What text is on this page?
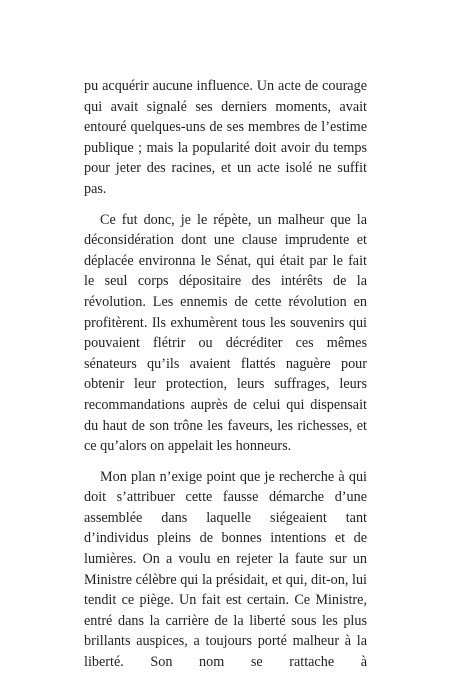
pu acquérir aucune influence. Un acte de courage qui avait signalé ses derniers moments, avait entouré quelques-uns de ses membres de l’estime publique ; mais la popularité doit avoir du temps pour jeter des racines, et un acte isolé ne suffit pas.

Ce fut donc, je le répète, un malheur que la déconsidération dont une clause imprudente et déplacée environna le Sénat, qui était par le fait le seul corps dépositaire des intérêts de la révolution. Les ennemis de cette révolution en profitèrent. Ils exhumèrent tous les souvenirs qui pouvaient flétrir ou décréditer ces mêmes sénateurs qu’ils avaient flattés naguère pour obtenir leur protection, leurs suffrages, leurs recommandations auprès de celui qui dispensait du haut de son trône les faveurs, les richesses, et ce qu’alors on appelait les honneurs.

Mon plan n’exige point que je recherche à qui doit s’attribuer cette fausse démarche d’une assemblée dans laquelle siégeaient tant d’individus pleins de bonnes intentions et de lumières. On a voulu en rejeter la faute sur un Ministre célèbre qui la présidait, et qui, dit-on, lui tendit ce piège. Un fait est certain. Ce Ministre, entré dans la carrière de la liberté sous les plus brillants auspices, a toujours porté malheur à la liberté. Son nom se rattache à
